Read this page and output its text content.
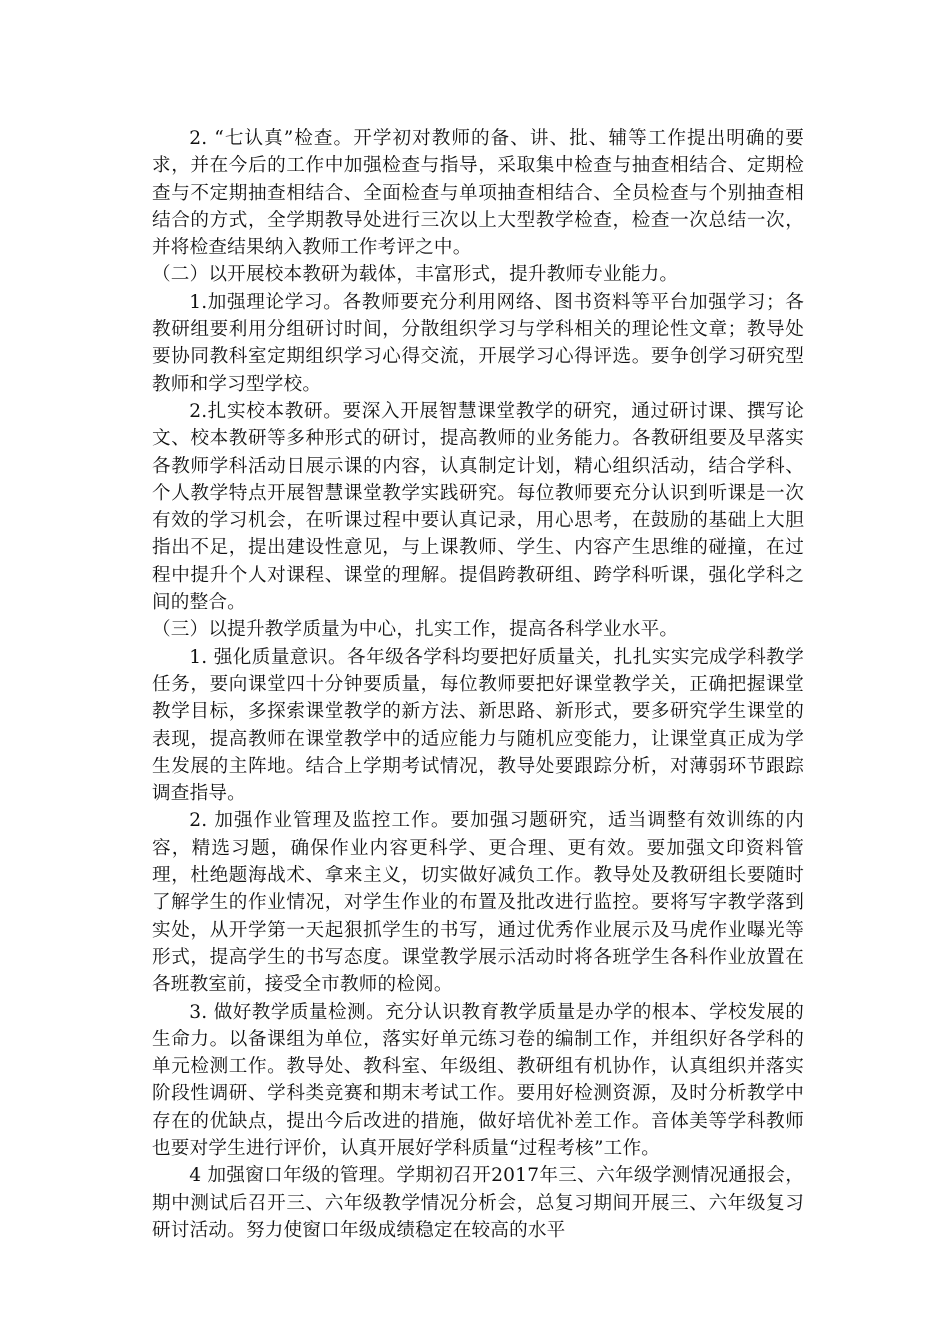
2. “七认真”检查。开学初对教师的备、讲、批、辅等工作提出明确的要求，并在今后的工作中加强检查与指导，采取集中检查与抽查相结合、定期检查与不定期抽查相结合、全面检查与单项抽查相结合、全员检查与个别抽查相结合的方式，全学期教导处进行三次以上大型教学检查，检查一次总结一次，并将检查结果纳入教师工作考评之中。

（二）以开展校本教研为载体，丰富形式，提升教师专业能力。

1.加强理论学习。各教师要充分利用网络、图书资料等平台加强学习；各教研组要利用分组研讨时间，分散组织学习与学科相关的理论性文章；教导处要协同教科室定期组织学习心得交流，开展学习心得评选。要争创学习研究型教师和学习型学校。

2.扎实校本教研。要深入开展智慧课堂教学的研究，通过研讨课、撰写论文、校本教研等多种形式的研讨，提高教师的业务能力。各教研组要及早落实各教师学科活动日展示课的内容，认真制定计划，精心组织活动，结合学科、个人教学特点开展智慧课堂教学实践研究。每位教师要充分认识到听课是一次有效的学习机会，在听课过程中要认真记录，用心思考，在鼓励的基础上大胆指出不足，提出建设性意见，与上课教师、学生、内容产生思维的碰撞，在过程中提升个人对课程、课堂的理解。提倡跨教研组、跨学科听课，强化学科之间的整合。

（三）以提升教学质量为中心，扎实工作，提高各科学业水平。

1. 强化质量意识。各年级各学科均要把好质量关，扎扎实实完成学科教学任务，要向课堂四十分钟要质量，每位教师要把好课堂教学关，正确把握课堂教学目标，多探索课堂教学的新方法、新思路、新形式，要多研究学生课堂的表现，提高教师在课堂教学中的适应能力与随机应变能力，让课堂真正成为学生发展的主阵地。结合上学期考试情况，教导处要跟踪分析，对薄弱环节跟踪调查指导。

2. 加强作业管理及监控工作。要加强习题研究，适当调整有效训练的内容，精选习题，确保作业内容更科学、更合理、更有效。要加强文印资料管理，杜绝题海战术、拿来主义，切实做好减负工作。教导处及教研组长要随时了解学生的作业情况，对学生作业的布置及批改进行监控。要将写字教学落到实处，从开学第一天起狠抓学生的书写，通过优秀作业展示及马虎作业曝光等形式，提高学生的书写态度。课堂教学展示活动时将各班学生各科作业放置在各班教室前，接受全市教师的检阅。

3. 做好教学质量检测。充分认识教育教学质量是办学的根本、学校发展的生命力。以备课组为单位，落实好单元练习卷的编制工作，并组织好各学科的单元检测工作。教导处、教科室、年级组、教研组有机协作，认真组织并落实阶段性调研、学科类竞赛和期末考试工作。要用好检测资源，及时分析教学中存在的优缺点，提出今后改进的措施，做好培优补差工作。音体美等学科教师也要对学生进行评价，认真开展好学科质量“过程考核”工作。

4 加强窗口年级的管理。学期初召开2017年三、六年级学测情况通报会，期中测试后召开三、六年级教学情况分析会，总复习期间开展三、六年级复习研讨活动。努力使窗口年级成绩稳定在较高的水平
